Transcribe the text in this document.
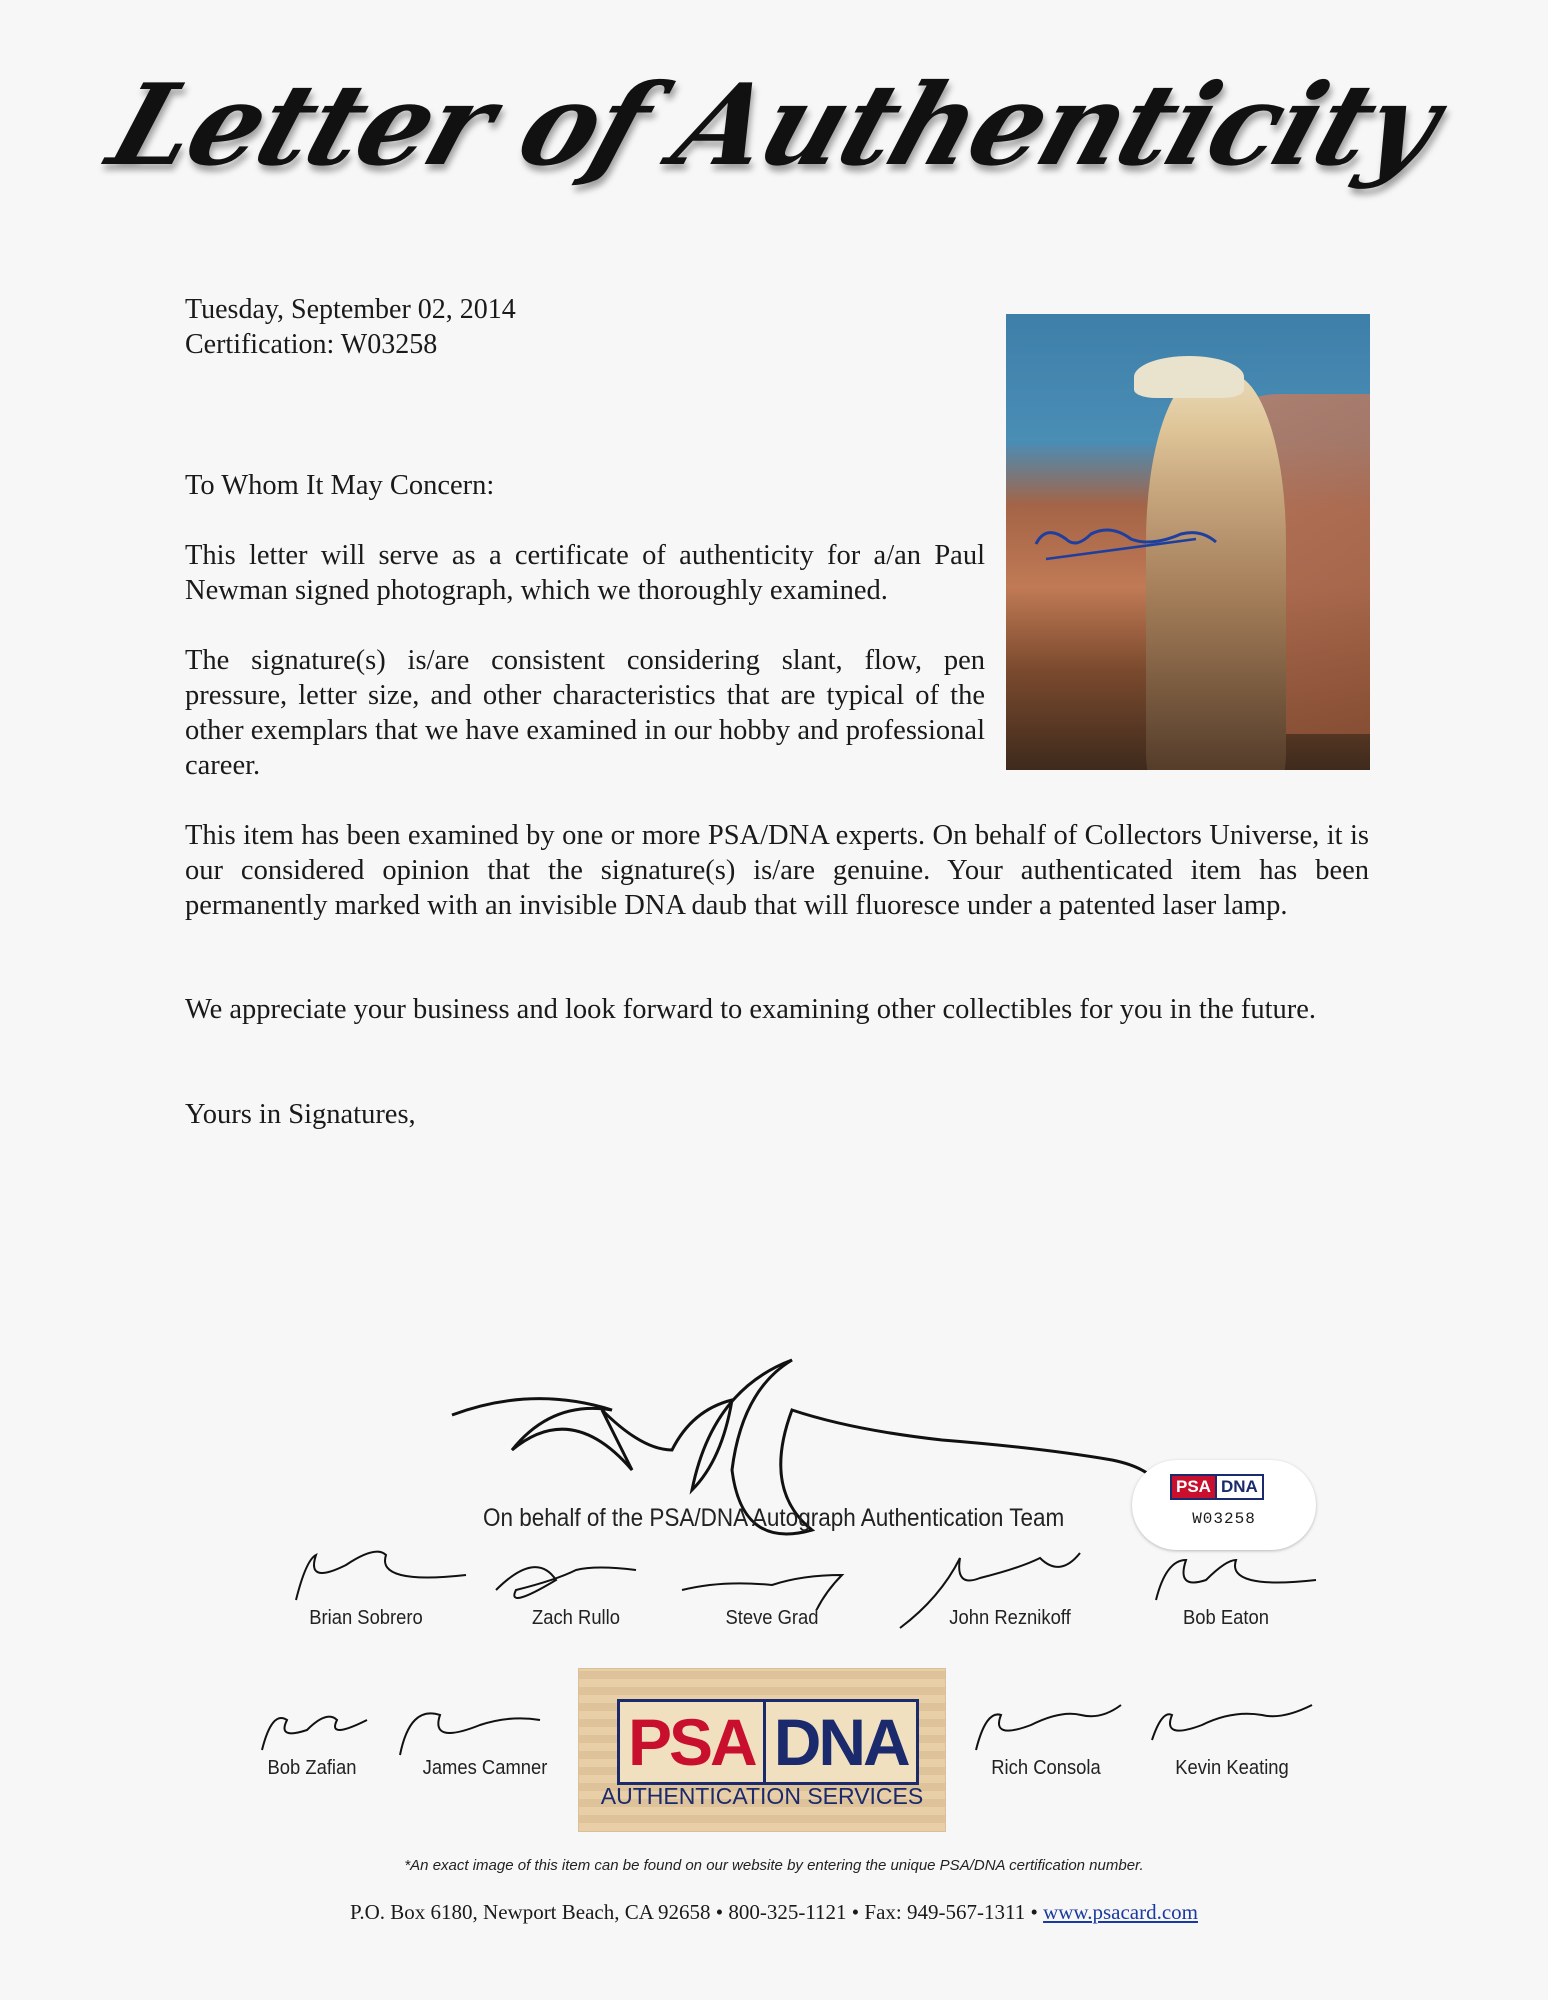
Letter of Authenticity
Tuesday, September 02, 2014
Certification: W03258
To Whom It May Concern:
This letter will serve as a certificate of authenticity for a/an Paul Newman signed photograph, which we thoroughly examined.
The signature(s) is/are consistent considering slant, flow, pen pressure, letter size, and other characteristics that are typical of the other exemplars that we have examined in our hobby and professional career.
This item has been examined by one or more PSA/DNA experts. On behalf of Collectors Universe, it is our considered opinion that the signature(s) is/are genuine. Your authenticated item has been permanently marked with an invisible DNA daub that will fluoresce under a patented laser lamp.
We appreciate your business and look forward to examining other collectibles for you in the future.
Yours in Signatures,
On behalf of the PSA/DNA Autograph Authentication Team
PSA DNA
W03258
Brian Sobrero	Zach Rullo	Steve Grad	John Reznikoff	Bob Eaton
Bob Zafian	James Camner	PSA DNA
AUTHENTICATION SERVICES
Rich Consola	Kevin Keating
*An exact image of this item can be found on our website by entering the unique PSA/DNA certification number.
P.O. Box 6180, Newport Beach, CA 92658 • 800-325-1121 • Fax: 949-567-1311 • www.psacard.com
